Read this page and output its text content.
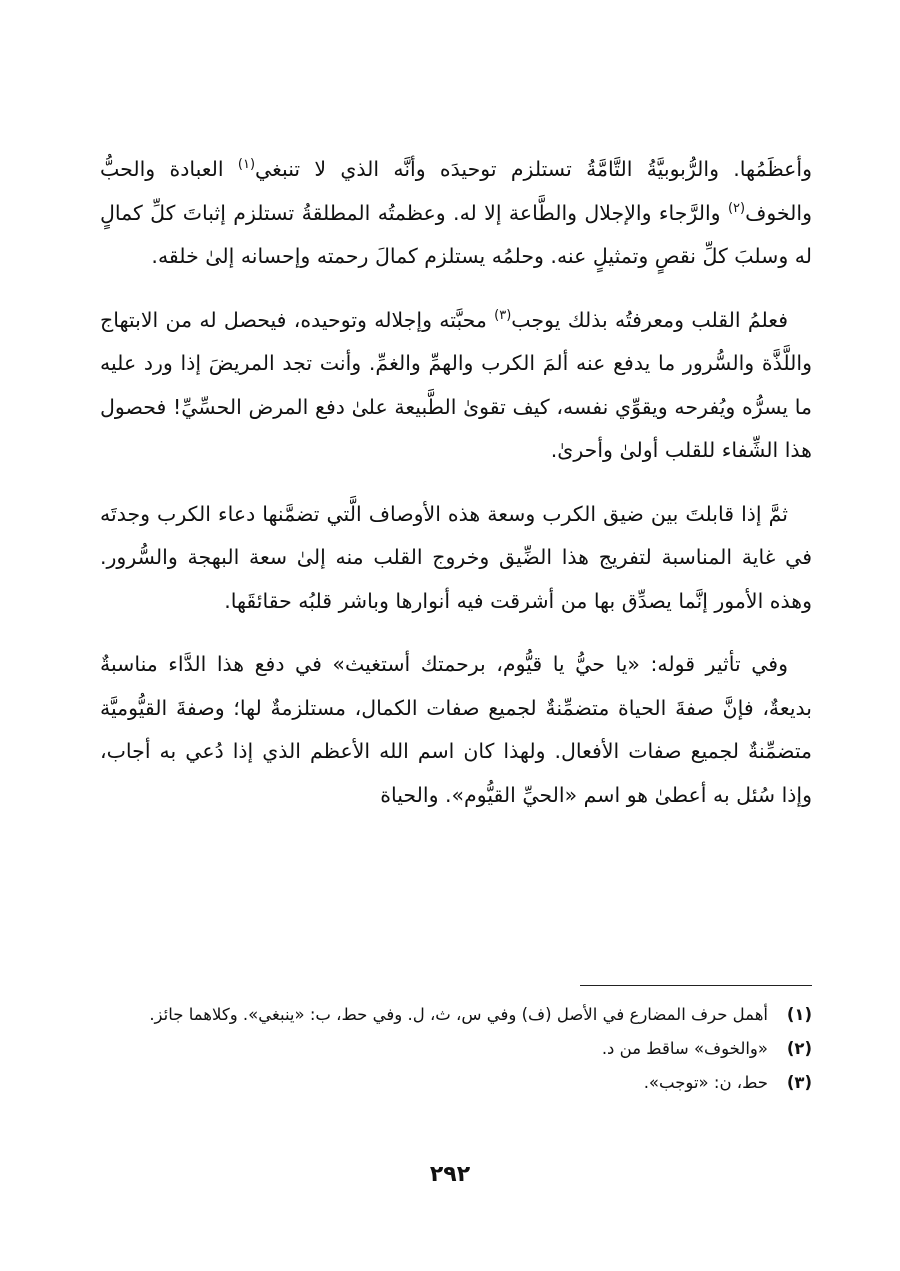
وأعظَمُها. والرُّبوبيَّةُ التَّامَّةُ تستلزم توحيدَه وأنَّه الذي لا تنبغي$^{(١)}$ العبادة والحبُّ والخوف$^{(٢)}$ والرَّجاء والإجلال والطَّاعة إلا له. وعظمتُه المطلقةُ تستلزم إثباتَ كلِّ كمالٍ له وسلبَ كلِّ نقصٍ وتمثيلٍ عنه. وحلمُه يستلزم كمالَ رحمته وإحسانه إلىٰ خلقه.

فعلمُ القلب ومعرفتُه بذلك يوجب$^{(٣)}$ محبَّته وإجلاله وتوحيده، فيحصل له من الابتهاج واللَّذَّة والسُّرور ما يدفع عنه ألمَ الكرب والهمِّ والغمِّ. وأنت تجد المريضَ إذا ورد عليه ما يسرُّه ويُفرحه ويقوِّي نفسه، كيف تقوىٰ الطَّبيعة علىٰ دفع المرض الحسِّيِّ! فحصول هذا الشِّفاء للقلب أولىٰ وأحرىٰ.

ثمَّ إذا قابلتَ بين ضيق الكرب وسعة هذه الأوصاف الَّتي تضمَّنها دعاء الكرب وجدتَه في غاية المناسبة لتفريج هذا الضِّيق وخروج القلب منه إلىٰ سعة البهجة والسُّرور. وهذه الأمور إنَّما يصدِّق بها من أشرقت فيه أنوارها وباشر قلبُه حقائقَها.

وفي تأثير قوله: «يا حيُّ يا قيُّوم، برحمتك أستغيث» في دفع هذا الدَّاء مناسبةٌ بديعةٌ، فإنَّ صفةَ الحياة متضمِّنةٌ لجميع صفات الكمال، مستلزمةٌ لها؛ وصفةَ القيُّوميَّة متضمِّنةٌ لجميع صفات الأفعال. ولهذا كان اسم الله الأعظم الذي إذا دُعي به أجاب، وإذا سُئل به أعطىٰ هو اسم «الحيِّ القيُّوم». والحياة

(١)
أهمل حرف المضارع في الأصل (ف) وفي س، ث، ل. وفي حط، ب: «ينبغي». وكلاهما جائز.
(٢)
«والخوف» ساقط من د.
(٣)
حط، ن: «توجب».
٢٩٢
